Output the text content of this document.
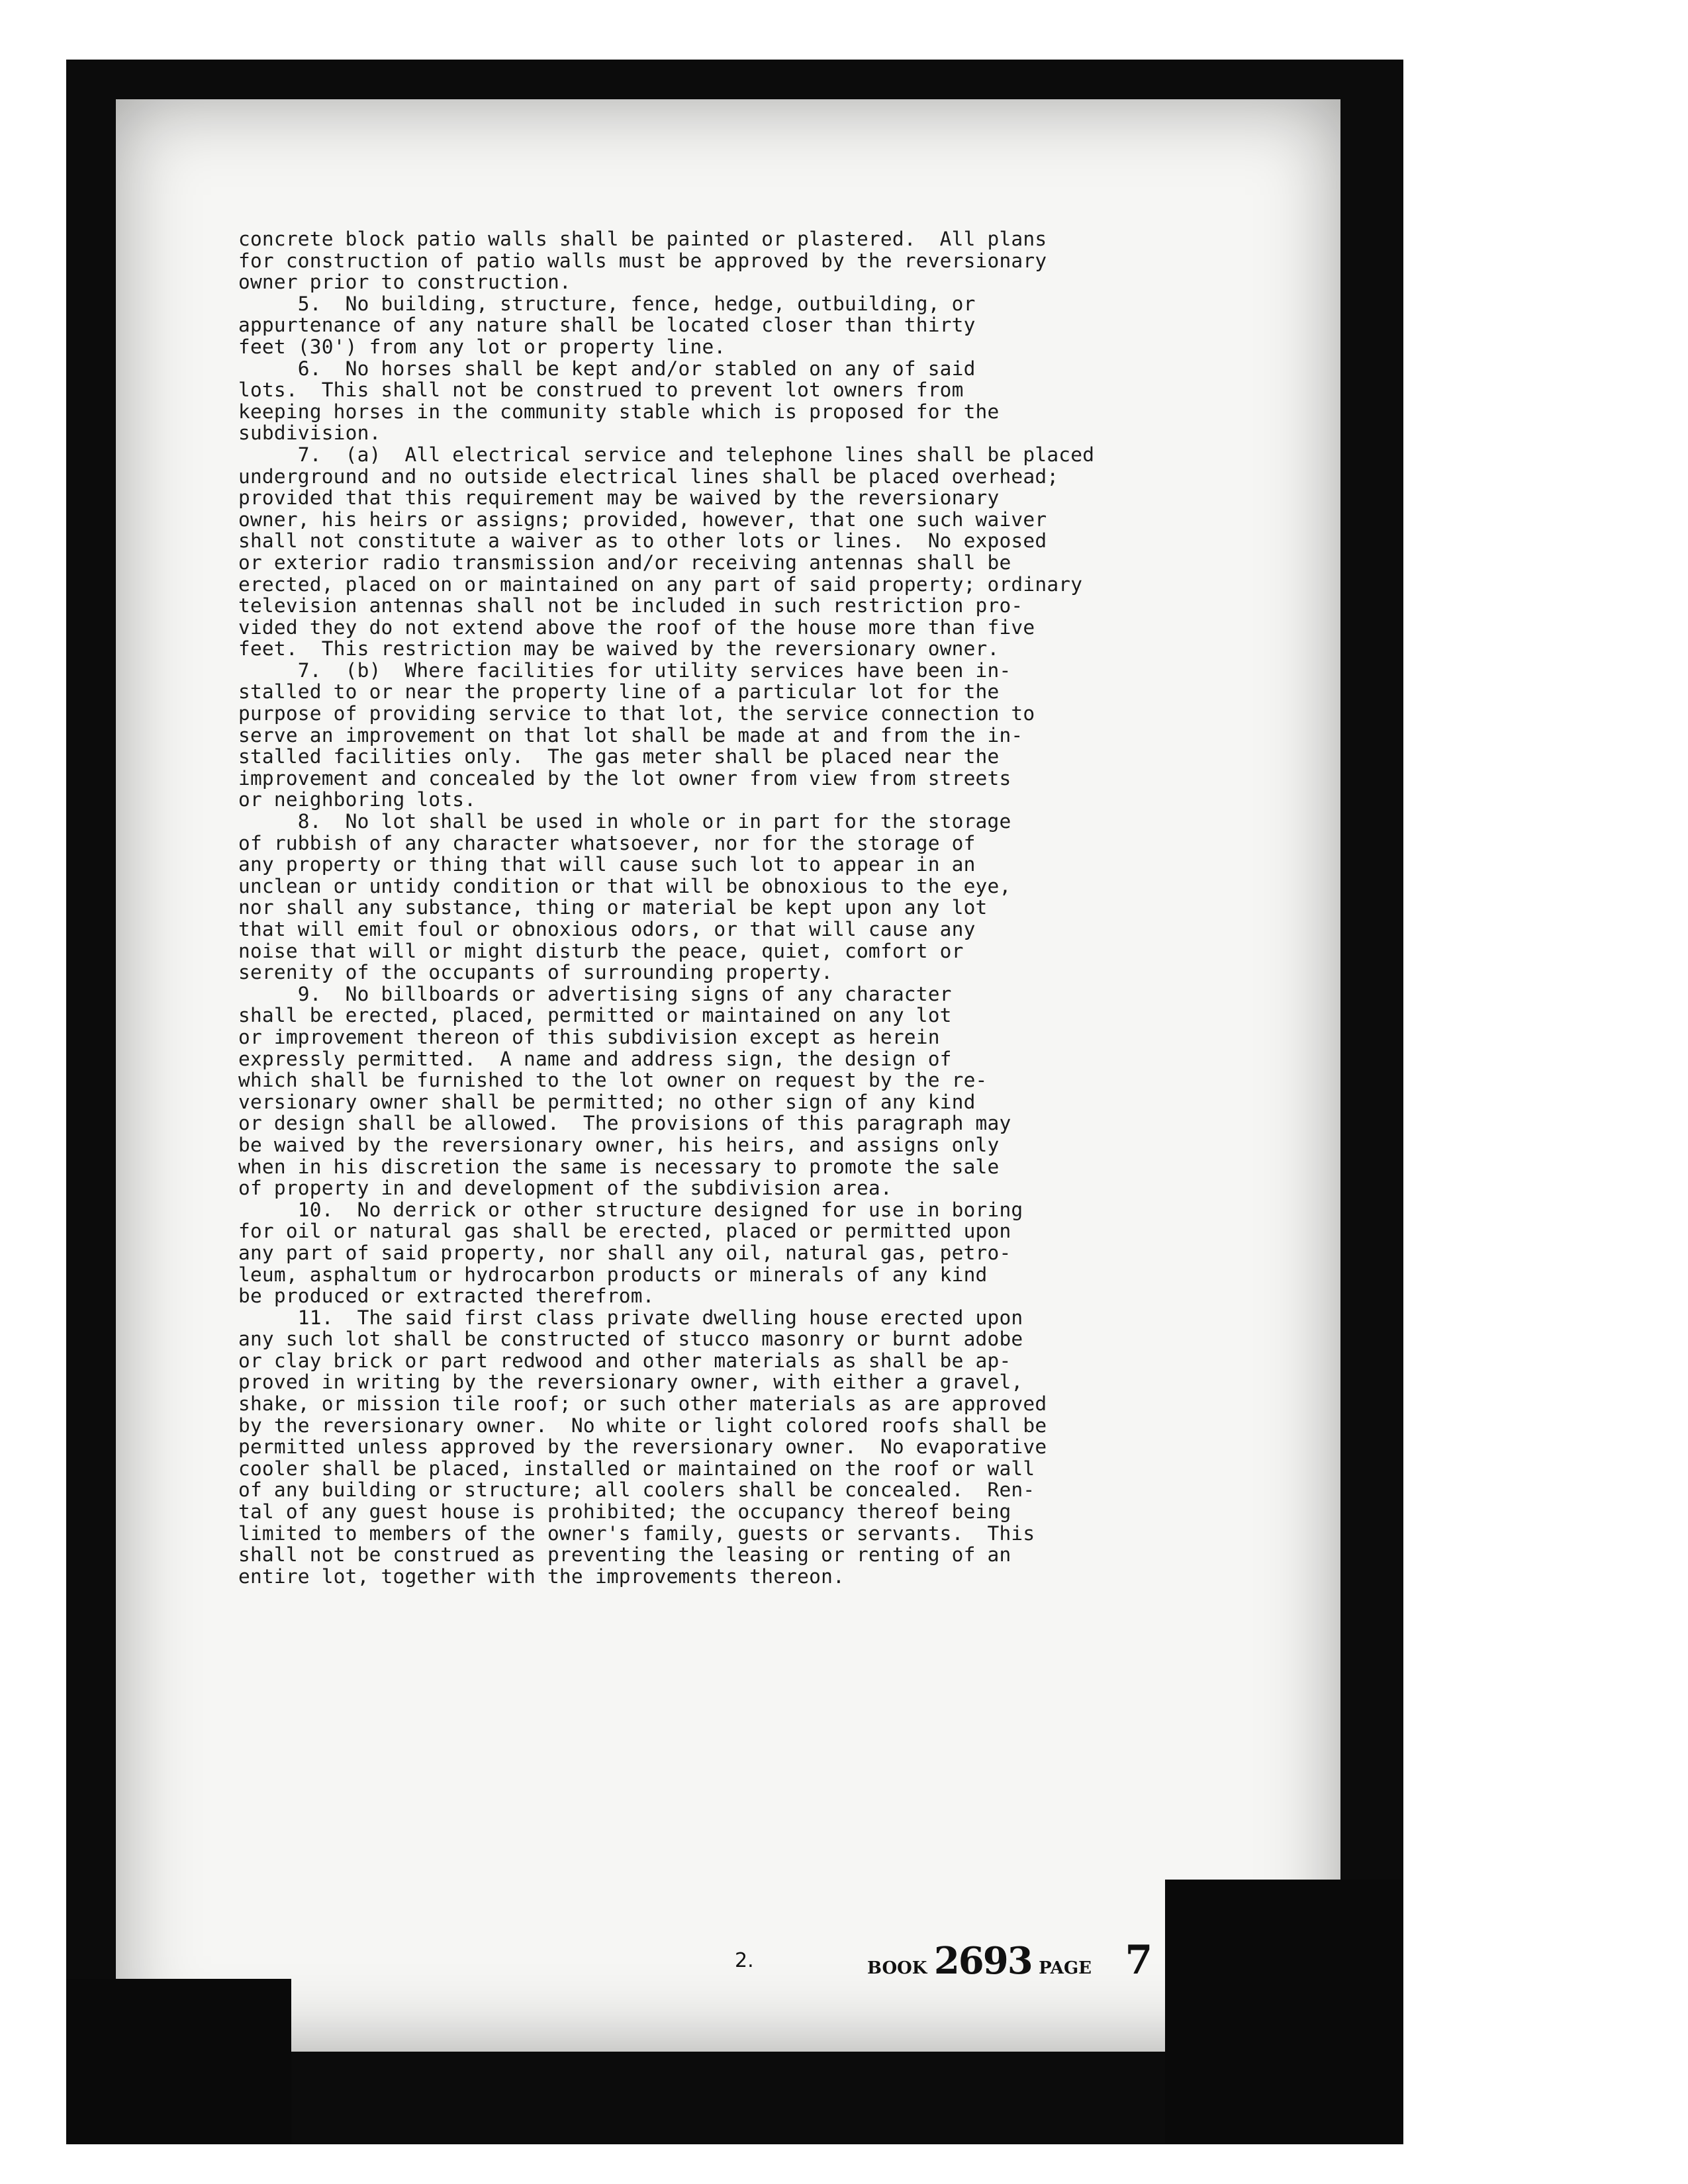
concrete block patio walls shall be painted or plastered.  All plans
for construction of patio walls must be approved by the reversionary
owner prior to construction.
5.  No building, structure, fence, hedge, outbuilding, or
appurtenance of any nature shall be located closer than thirty
feet (30') from any lot or property line.
6.  No horses shall be kept and/or stabled on any of said
lots.  This shall not be construed to prevent lot owners from
keeping horses in the community stable which is proposed for the
subdivision.
7.  (a)  All electrical service and telephone lines shall be placed
underground and no outside electrical lines shall be placed overhead;
provided that this requirement may be waived by the reversionary
owner, his heirs or assigns; provided, however, that one such waiver
shall not constitute a waiver as to other lots or lines.  No exposed
or exterior radio transmission and/or receiving antennas shall be
erected, placed on or maintained on any part of said property; ordinary
television antennas shall not be included in such restriction pro-
vided they do not extend above the roof of the house more than five
feet.  This restriction may be waived by the reversionary owner.
7.  (b)  Where facilities for utility services have been in-
stalled to or near the property line of a particular lot for the
purpose of providing service to that lot, the service connection to
serve an improvement on that lot shall be made at and from the in-
stalled facilities only.  The gas meter shall be placed near the
improvement and concealed by the lot owner from view from streets
or neighboring lots.
8.  No lot shall be used in whole or in part for the storage
of rubbish of any character whatsoever, nor for the storage of
any property or thing that will cause such lot to appear in an
unclean or untidy condition or that will be obnoxious to the eye,
nor shall any substance, thing or material be kept upon any lot
that will emit foul or obnoxious odors, or that will cause any
noise that will or might disturb the peace, quiet, comfort or
serenity of the occupants of surrounding property.
9.  No billboards or advertising signs of any character
shall be erected, placed, permitted or maintained on any lot
or improvement thereon of this subdivision except as herein
expressly permitted.  A name and address sign, the design of
which shall be furnished to the lot owner on request by the re-
versionary owner shall be permitted; no other sign of any kind
or design shall be allowed.  The provisions of this paragraph may
be waived by the reversionary owner, his heirs, and assigns only
when in his discretion the same is necessary to promote the sale
of property in and development of the subdivision area.
10.  No derrick or other structure designed for use in boring
for oil or natural gas shall be erected, placed or permitted upon
any part of said property, nor shall any oil, natural gas, petro-
leum, asphaltum or hydrocarbon products or minerals of any kind
be produced or extracted therefrom.
11.  The said first class private dwelling house erected upon
any such lot shall be constructed of stucco masonry or burnt adobe
or clay brick or part redwood and other materials as shall be ap-
proved in writing by the reversionary owner, with either a gravel,
shake, or mission tile roof; or such other materials as are approved
by the reversionary owner.  No white or light colored roofs shall be
permitted unless approved by the reversionary owner.  No evaporative
cooler shall be placed, installed or maintained on the roof or wall
of any building or structure; all coolers shall be concealed.  Ren-
tal of any guest house is prohibited; the occupancy thereof being
limited to members of the owner's family, guests or servants.  This
shall not be construed as preventing the leasing or renting of an
entire lot, together with the improvements thereon.
2.	BOOK 2693 PAGE 7
